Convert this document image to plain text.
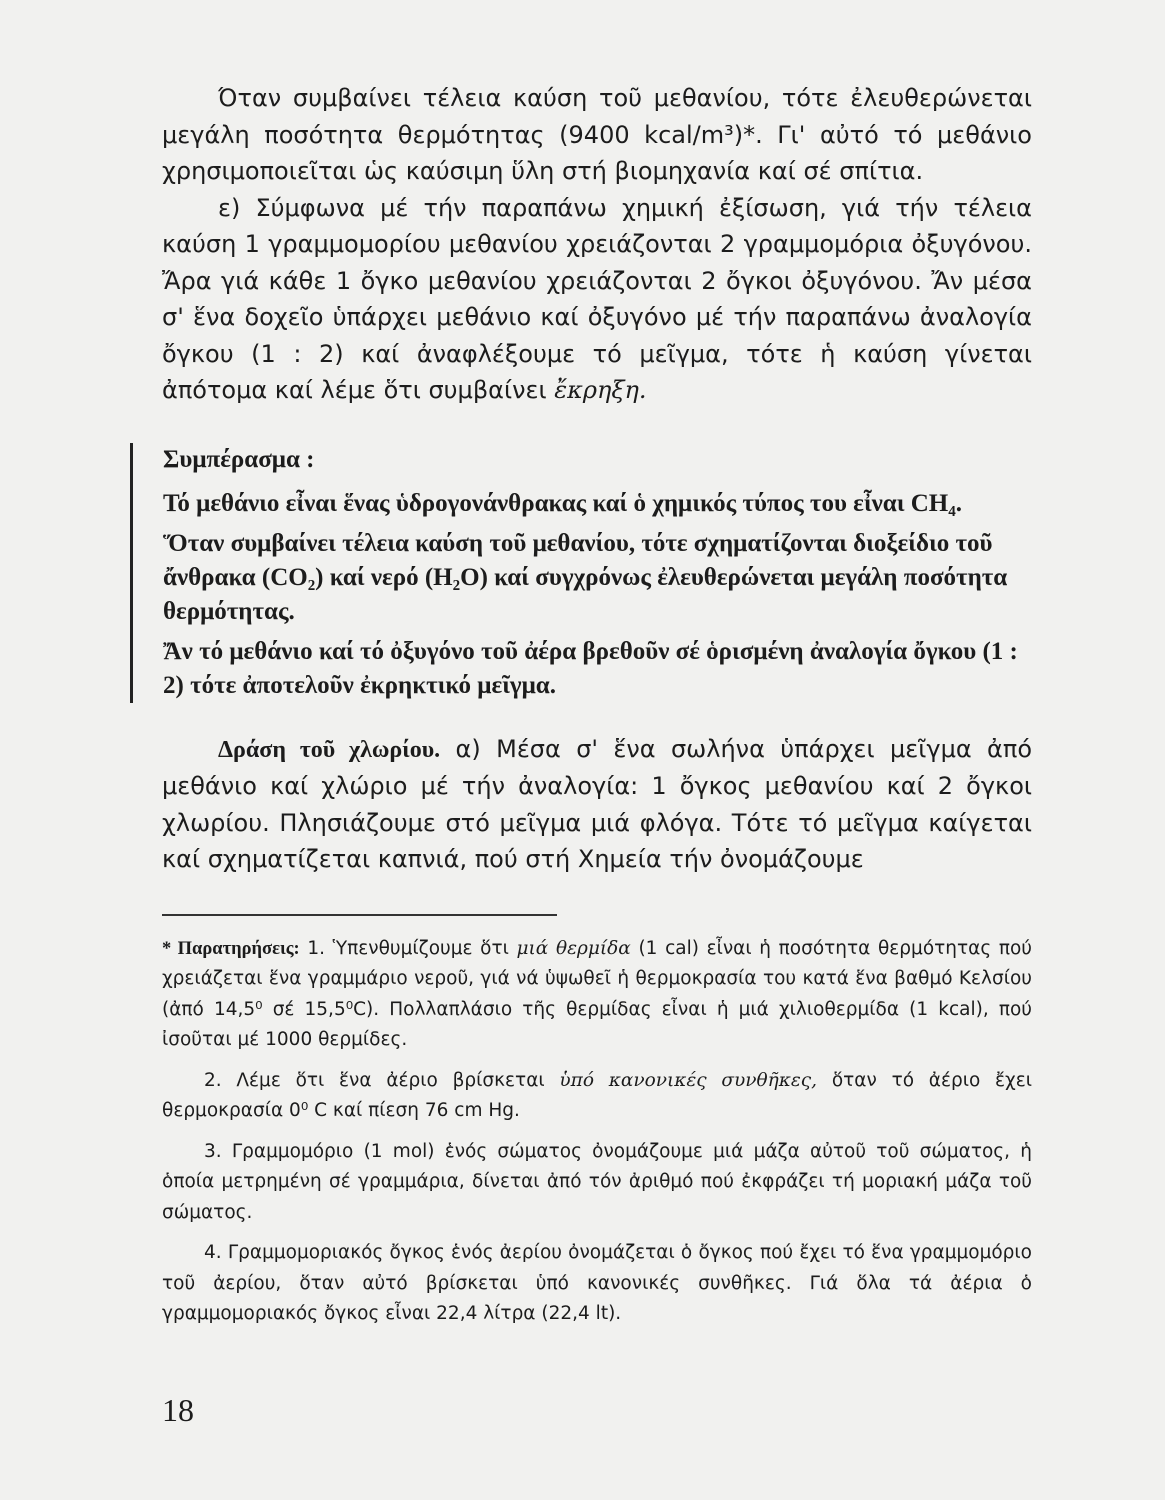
Όταν συμβαίνει τέλεια καύση τοῦ μεθανίου, τότε ἐλευθερώνεται μεγάλη ποσότητα θερμότητας (9400 kcal/m³)*. Γι' αὐτό τό μεθάνιο χρησιμοποιεῖται ὡς καύσιμη ὕλη στή βιομηχανία καί σέ σπίτια.

ε) Σύμφωνα μέ τήν παραπάνω χημική ἐξίσωση, γιά τήν τέλεια καύση 1 γραμμομορίου μεθανίου χρειάζονται 2 γραμμομόρια ὀξυγόνου. Ἄρα γιά κάθε 1 ὄγκο μεθανίου χρειάζονται 2 ὄγκοι ὀξυγόνου. Ἄν μέσα σ' ἕνα δοχεῖο ὑπάρχει μεθάνιο καί ὀξυγόνο μέ τήν παραπάνω ἀναλογία ὄγκου (1 : 2) καί ἀναφλέξουμε τό μεῖγμα, τότε ἡ καύση γίνεται ἀπότομα καί λέμε ὅτι συμβαίνει ἔκρηξη.

Συμπέρασμα :

Τό μεθάνιο εἶναι ἕνας ὑδρογονάνθρακας καί ὁ χημικός τύπος του εἶναι CH₄.

Ὅταν συμβαίνει τέλεια καύση τοῦ μεθανίου, τότε σχηματίζονται διοξείδιο τοῦ ἄνθρακα (CO₂) καί νερό (H₂O) καί συγχρόνως ἐλευθερώνεται μεγάλη ποσότητα θερμότητας.

Ἄν τό μεθάνιο καί τό ὀξυγόνο τοῦ ἀέρα βρεθοῦν σέ ὁρισμένη ἀναλογία ὄγκου (1 : 2) τότε ἀποτελοῦν ἐκρηκτικό μεῖγμα.

Δράση τοῦ χλωρίου. α) Μέσα σ' ἕνα σωλήνα ὑπάρχει μεῖγμα ἀπό μεθάνιο καί χλώριο μέ τήν ἀναλογία: 1 ὄγκος μεθανίου καί 2 ὄγκοι χλωρίου. Πλησιάζουμε στό μεῖγμα μιά φλόγα. Τότε τό μεῖγμα καίγεται καί σχηματίζεται καπνιά, πού στή Χημεία τήν ὀνομάζουμε

* Παρατηρήσεις: 1. Ὑπενθυμίζουμε ὅτι μιά θερμίδα (1 cal) εἶναι ἡ ποσότητα θερμότητας πού χρειάζεται ἕνα γραμμάριο νεροῦ, γιά νά ὑψωθεῖ ἡ θερμοκρασία του κατά ἕνα βαθμό Κελσίου (ἀπό 14,5⁰ σέ 15,5⁰C). Πολλαπλάσιο τῆς θερμίδας εἶναι ἡ μιά χιλιοθερμίδα (1 kcal), πού ἰσοῦται μέ 1000 θερμίδες.

2. Λέμε ὅτι ἕνα ἀέριο βρίσκεται ὑπό κανονικές συνθῆκες, ὅταν τό ἀέριο ἔχει θερμοκρασία 0⁰ C καί πίεση 76 cm Hg.

3. Γραμμομόριο (1 mol) ἑνός σώματος ὀνομάζουμε μιά μάζα αὐτοῦ τοῦ σώματος, ἡ ὁποία μετρημένη σέ γραμμάρια, δίνεται ἀπό τόν ἀριθμό πού ἐκφράζει τή μοριακή μάζα τοῦ σώματος.

4. Γραμμομοριακός ὄγκος ἑνός ἀερίου ὀνομάζεται ὁ ὄγκος πού ἔχει τό ἕνα γραμμομόριο τοῦ ἀερίου, ὅταν αὐτό βρίσκεται ὑπό κανονικές συνθῆκες. Γιά ὅλα τά ἀέρια ὁ γραμμομοριακός ὄγκος εἶναι 22,4 λίτρα (22,4 lt).

18
